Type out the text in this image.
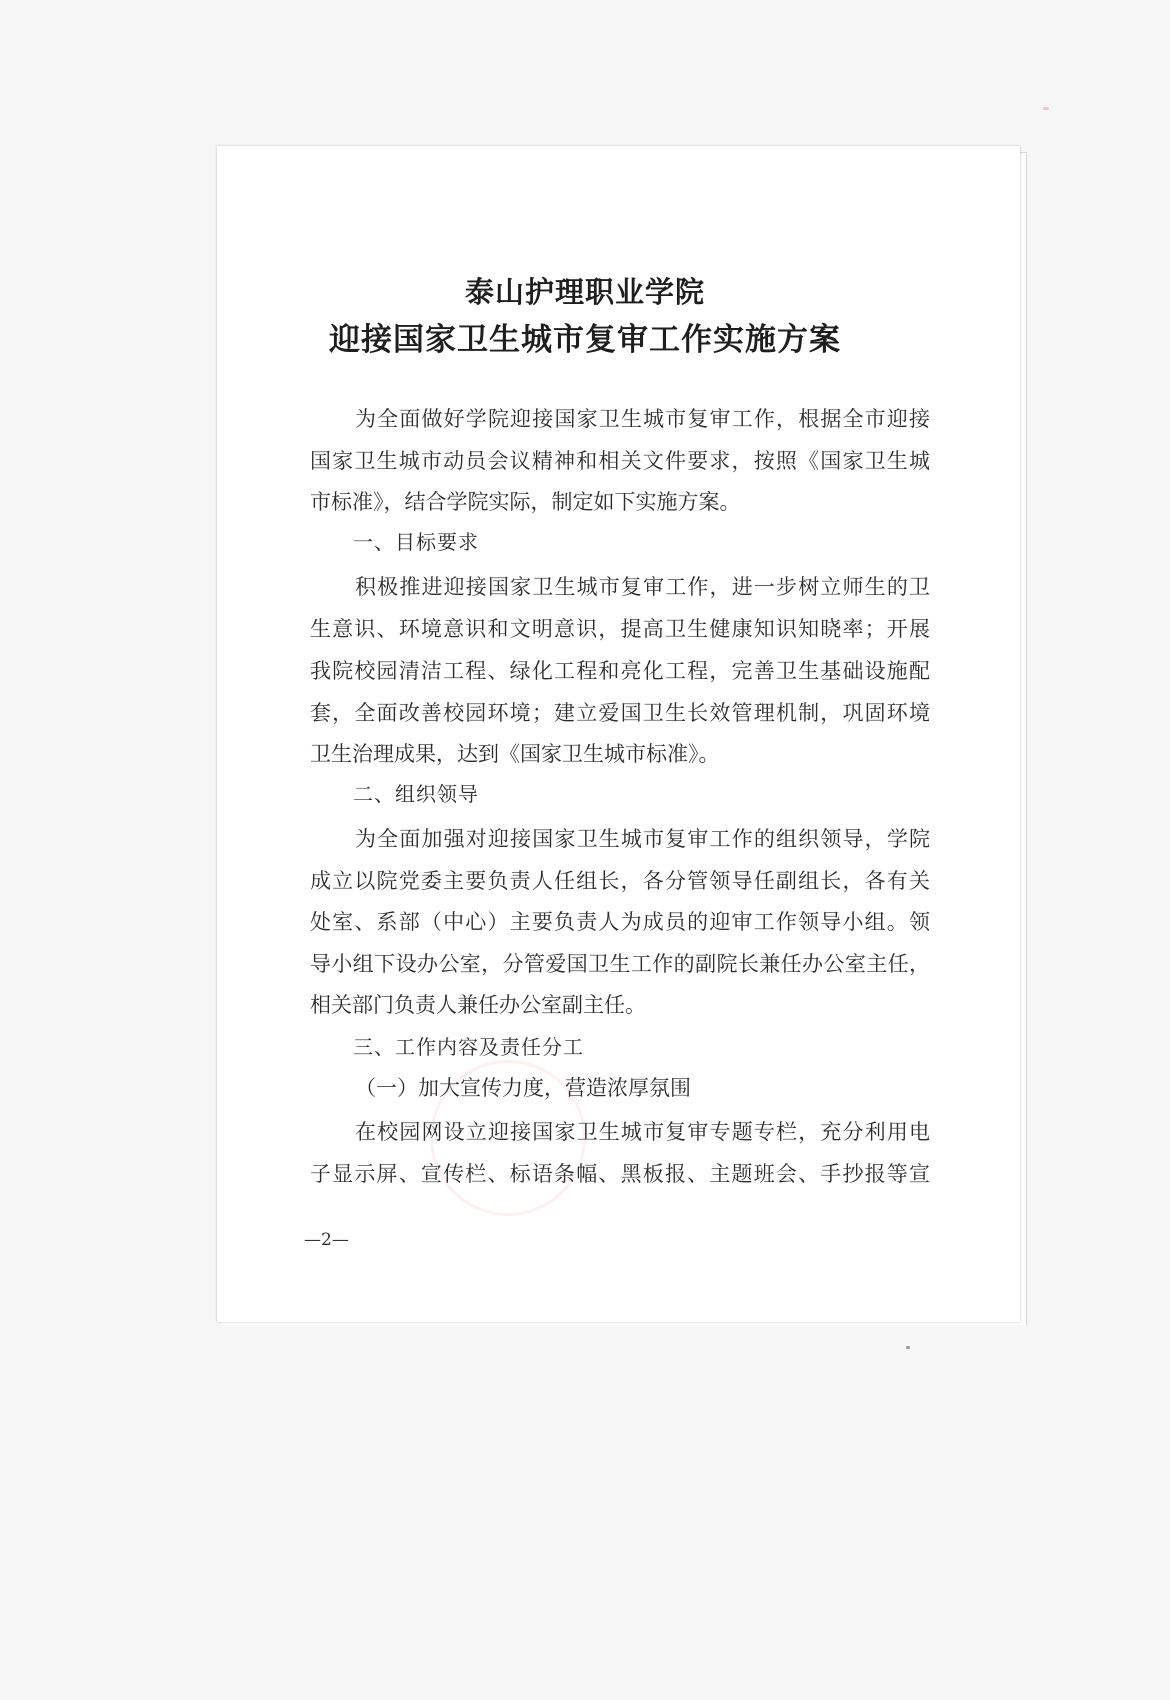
泰山护理职业学院
迎接国家卫生城市复审工作实施方案
为全面做好学院迎接国家卫生城市复审工作，根据全市迎接
国家卫生城市动员会议精神和相关文件要求，按照《国家卫生城
市标准》，结合学院实际，制定如下实施方案。
一、目标要求
积极推进迎接国家卫生城市复审工作，进一步树立师生的卫
生意识、环境意识和文明意识，提高卫生健康知识知晓率；开展
我院校园清洁工程、绿化工程和亮化工程，完善卫生基础设施配
套，全面改善校园环境；建立爱国卫生长效管理机制，巩固环境
卫生治理成果，达到《国家卫生城市标准》。
二、组织领导
为全面加强对迎接国家卫生城市复审工作的组织领导，学院
成立以院党委主要负责人任组长，各分管领导任副组长，各有关
处室、系部（中心）主要负责人为成员的迎审工作领导小组。领
导小组下设办公室，分管爱国卫生工作的副院长兼任办公室主任，
相关部门负责人兼任办公室副主任。
三、工作内容及责任分工
（一）加大宣传力度，营造浓厚氛围
在校园网设立迎接国家卫生城市复审专题专栏，充分利用电
子显示屏、宣传栏、标语条幅、黑板报、主题班会、手抄报等宣
—2—
